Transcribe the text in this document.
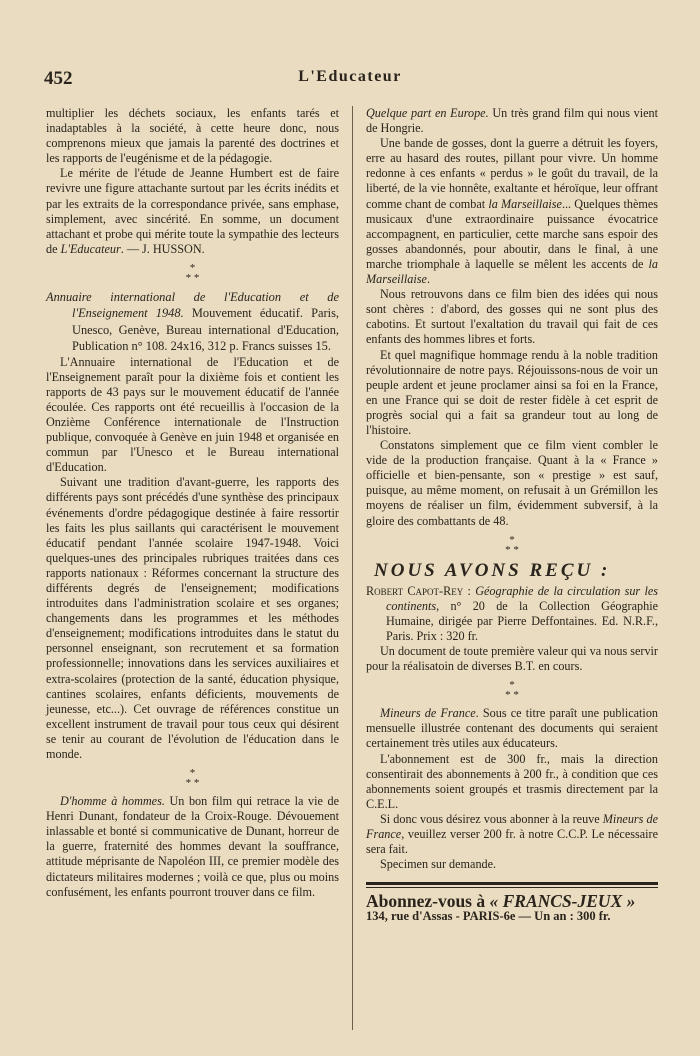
452	L'Educateur

multiplier les déchets sociaux, les enfants tarés et inadaptables à la société, à cette heure donc, nous comprenons mieux que jamais la parenté des doctrines et les rapports de l'eugénisme et de la pédagogie.

Le mérite de l'étude de Jeanne Humbert est de faire revivre une figure attachante surtout par les écrits inédits et par les extraits de la correspondance privée, sans emphase, simplement, avec sincérité. En somme, un document attachant et probe qui mérite toute la sympathie des lecteurs de L'Educateur. — J. HUSSON.

*
* *

Annuaire international de l'Education et de l'Enseignement 1948. Mouvement éducatif. Paris, Unesco, Genève, Bureau international d'Education, Publication n° 108. 24x16, 312 p. Francs suisses 15.

L'Annuaire international de l'Education et de l'Enseignement paraît pour la dixième fois et contient les rapports de 43 pays sur le mouvement éducatif de l'année écoulée. Ces rapports ont été recueillis à l'occasion de la Onzième Conférence internationale de l'Instruction publique, convoquée à Genève en juin 1948 et organisée en commun par l'Unesco et le Bureau international d'Education.

Suivant une tradition d'avant-guerre, les rapports des différents pays sont précédés d'une synthèse des principaux événements d'ordre pédagogique destinée à faire ressortir les faits les plus saillants qui caractérisent le mouvement éducatif pendant l'année scolaire 1947-1948. Voici quelques-unes des principales rubriques traitées dans ces rapports nationaux : Réformes concernant la structure des différents degrés de l'enseignement; modifications introduites dans l'administration scolaire et ses organes; changements dans les programmes et les méthodes d'enseignement; modifications introduites dans le statut du personnel enseignant, son recrutement et sa formation professionnelle; innovations dans les services auxiliaires et extra-scolaires (protection de la santé, éducation physique, cantines scolaires, enfants déficients, mouvements de jeunesse, etc...). Cet ouvrage de références constitue un excellent instrument de travail pour tous ceux qui désirent se tenir au courant de l'évolution de l'éducation dans le monde.

*
* *

D'homme à hommes. Un bon film qui retrace la vie de Henri Dunant, fondateur de la Croix-Rouge. Dévouement inlassable et bonté si communicative de Dunant, horreur de la guerre, fraternité des hommes devant la souffrance, attitude méprisante de Napoléon III, ce premier modèle des dictateurs militaires modernes ; voilà ce que, plus ou moins confusément, les enfants pourront trouver dans ce film.

Quelque part en Europe. Un très grand film qui nous vient de Hongrie.

Une bande de gosses, dont la guerre a détruit les foyers, erre au hasard des routes, pillant pour vivre. Un homme redonne à ces enfants « perdus » le goût du travail, de la liberté, de la vie honnête, exaltante et héroïque, leur offrant comme chant de combat la Marseillaise... Quelques thèmes musicaux d'une extraordinaire puissance évocatrice accompagnent, en particulier, cette marche sans espoir des gosses abandonnés, pour aboutir, dans le final, à une marche triomphale à laquelle se mêlent les accents de la Marseillaise.

Nous retrouvons dans ce film bien des idées qui nous sont chères : d'abord, des gosses qui ne sont plus des cabotins. Et surtout l'exaltation du travail qui fait de ces enfants des hommes libres et forts.

Et quel magnifique hommage rendu à la noble tradition révolutionnaire de notre pays. Réjouissons-nous de voir un peuple ardent et jeune proclamer ainsi sa foi en la France, en une France qui se doit de rester fidèle à cet esprit de progrès social qui a fait sa grandeur tout au long de l'histoire.

Constatons simplement que ce film vient combler le vide de la production française. Quant à la « France » officielle et bien-pensante, son « prestige » est sauf, puisque, au même moment, on refusait à un Grémillon les moyens de réaliser un film, évidemment subversif, à la gloire des combattants de 48.

*
* *
NOUS AVONS REÇU :

Robert Capot-Rey : Géographie de la circulation sur les continents, n° 20 de la Collection Géographie Humaine, dirigée par Pierre Deffontaines. Ed. N.R.F., Paris. Prix : 320 fr.

Un document de toute première valeur qui va nous servir pour la réalisatoin de diverses B.T. en cours.

*
* *

Mineurs de France. Sous ce titre paraît une publication mensuelle illustrée contenant des documents qui seraient certainement très utiles aux éducateurs.

L'abonnement est de 300 fr., mais la direction consentirait des abonnements à 200 fr., à condition que ces abonnements soient groupés et trasmis directement par la C.E.L.

Si donc vous désirez vous abonner à la reuve Mineurs de France, veuillez verser 200 fr. à notre C.C.P. Le nécessaire sera fait.

Specimen sur demande.

Abonnez-vous à « FRANCS-JEUX »
134, rue d'Assas - PARIS-6e — Un an : 300 fr.
